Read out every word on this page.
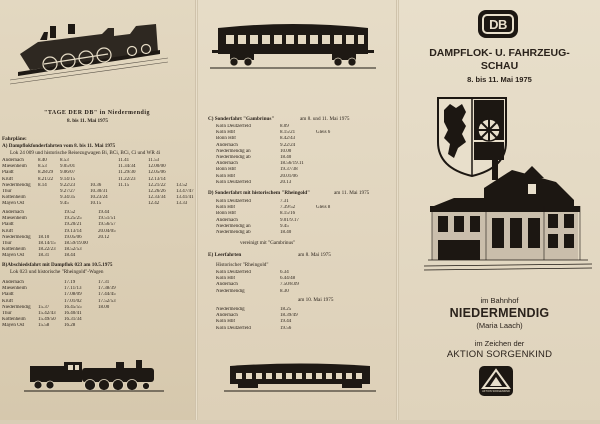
"TAGE DER DB" in Niedermendig
8. bis 11. Mai 1975
Fahrpläne:
A) Dampflokfonderfahrten vom 8. bis 11. Mai 1975
Lok 24 009 und historische Reisezugwagen Bi, BCi, BCi, Ci und WR 4i
Andernach	8.40	8.53	11.41	11.53
Miesenheim	8.53	9.05/01	11.34/34	12.00/00
Plaidt	8.28/29	9.06/07	11.29/30	12.05/06
Kruft	8.21/22	9.14/15	11.22/23	12.13/14
Niedermendig	8.14	9.22/23	10.36	11.15	12.21/22	13.52
Thür	9.27/27	10.30/31	12.26/26	13.47/47
Kottenheim	9.34/35	10.23/24	12.33/34	13.41/41
Mayen Ost	9.45	10.15	12.42	13.33
Andernach	19.52	19.44
Miesenheim	19.25/25	19.51/51
Plaidt	19.20/21	19.56/57
Kruft	19.13/14	20.04/05
Niedermendig	18.10	19.05/06	20.12
Thür	18.14/15	18.59/19.00
Kottenheim	18.22/23	18.52/53
Mayen Ost	18.31	18.44
B)Abschiedsfahrt mit Dampflok 023 am 10.5.1975
Lok 023 und historische "Rheingold"-Wagen
Andernach	17.19	17.31
Miesenheim	17.11/13	17.38/39
Plaidt	17.08/09	17.44/45
Kruft	17.01/02	17.52/53
Niedermendig	15.37	16.45/55	18.00
Thür	15.42/43	16.40/41
Kottenheim	15.49/50	16.31/34
Mayen Ost	15.58	16.28
C) Sonderfahrt "Gambrinus"	am 8. und 11. Mai 1975
Köln Deutzerfeld	8.09
Köln Hbf	8.15/21	Gleis 6
Bonn Hbf	8.42/43
Andernach	9.22/24
Niedermendig an	10.00
Niedermendig ab	18.40
Andernach	18.56/19.11
Bonn Hbf	19.37/38
Köln Hbf	20.01/06
Köln Deutzerfeld	20.13
D) Sonderfahrt mit historischem "Rheingold"	am 11. Mai 1975
Köln Deutzerfeld	7.31
Köln Hbf	7.39/52	Gleis 8
Bonn Hbf	8.15/16
Andernach	9.01/9.17
Niedermendig an	9.45
Niedermendig ab	18.40
vereinigt mit "Gambrinus"
E) Leerfahrten	am 8. Mai 1975
Historischer "Rheingold"
Köln Deutzerfeld	6.34
Köln Hbf	6.44/48
Andernach	7.50/8.09
Niedermendig	8.30
am 10. Mai 1975
Niedermendig	18.25
Andernach	18.39/49
Köln Hbf	19.44
Köln Deutzerfeld	19.56
DB
DAMPFLOK- U. FAHRZEUG-
SCHAU
8. bis 11. Mai 1975
im Bahnhof
NIEDERMENDIG
(Maria Laach)
im Zeichen der
AKTION SORGENKIND
AKTION SORGENKIND
